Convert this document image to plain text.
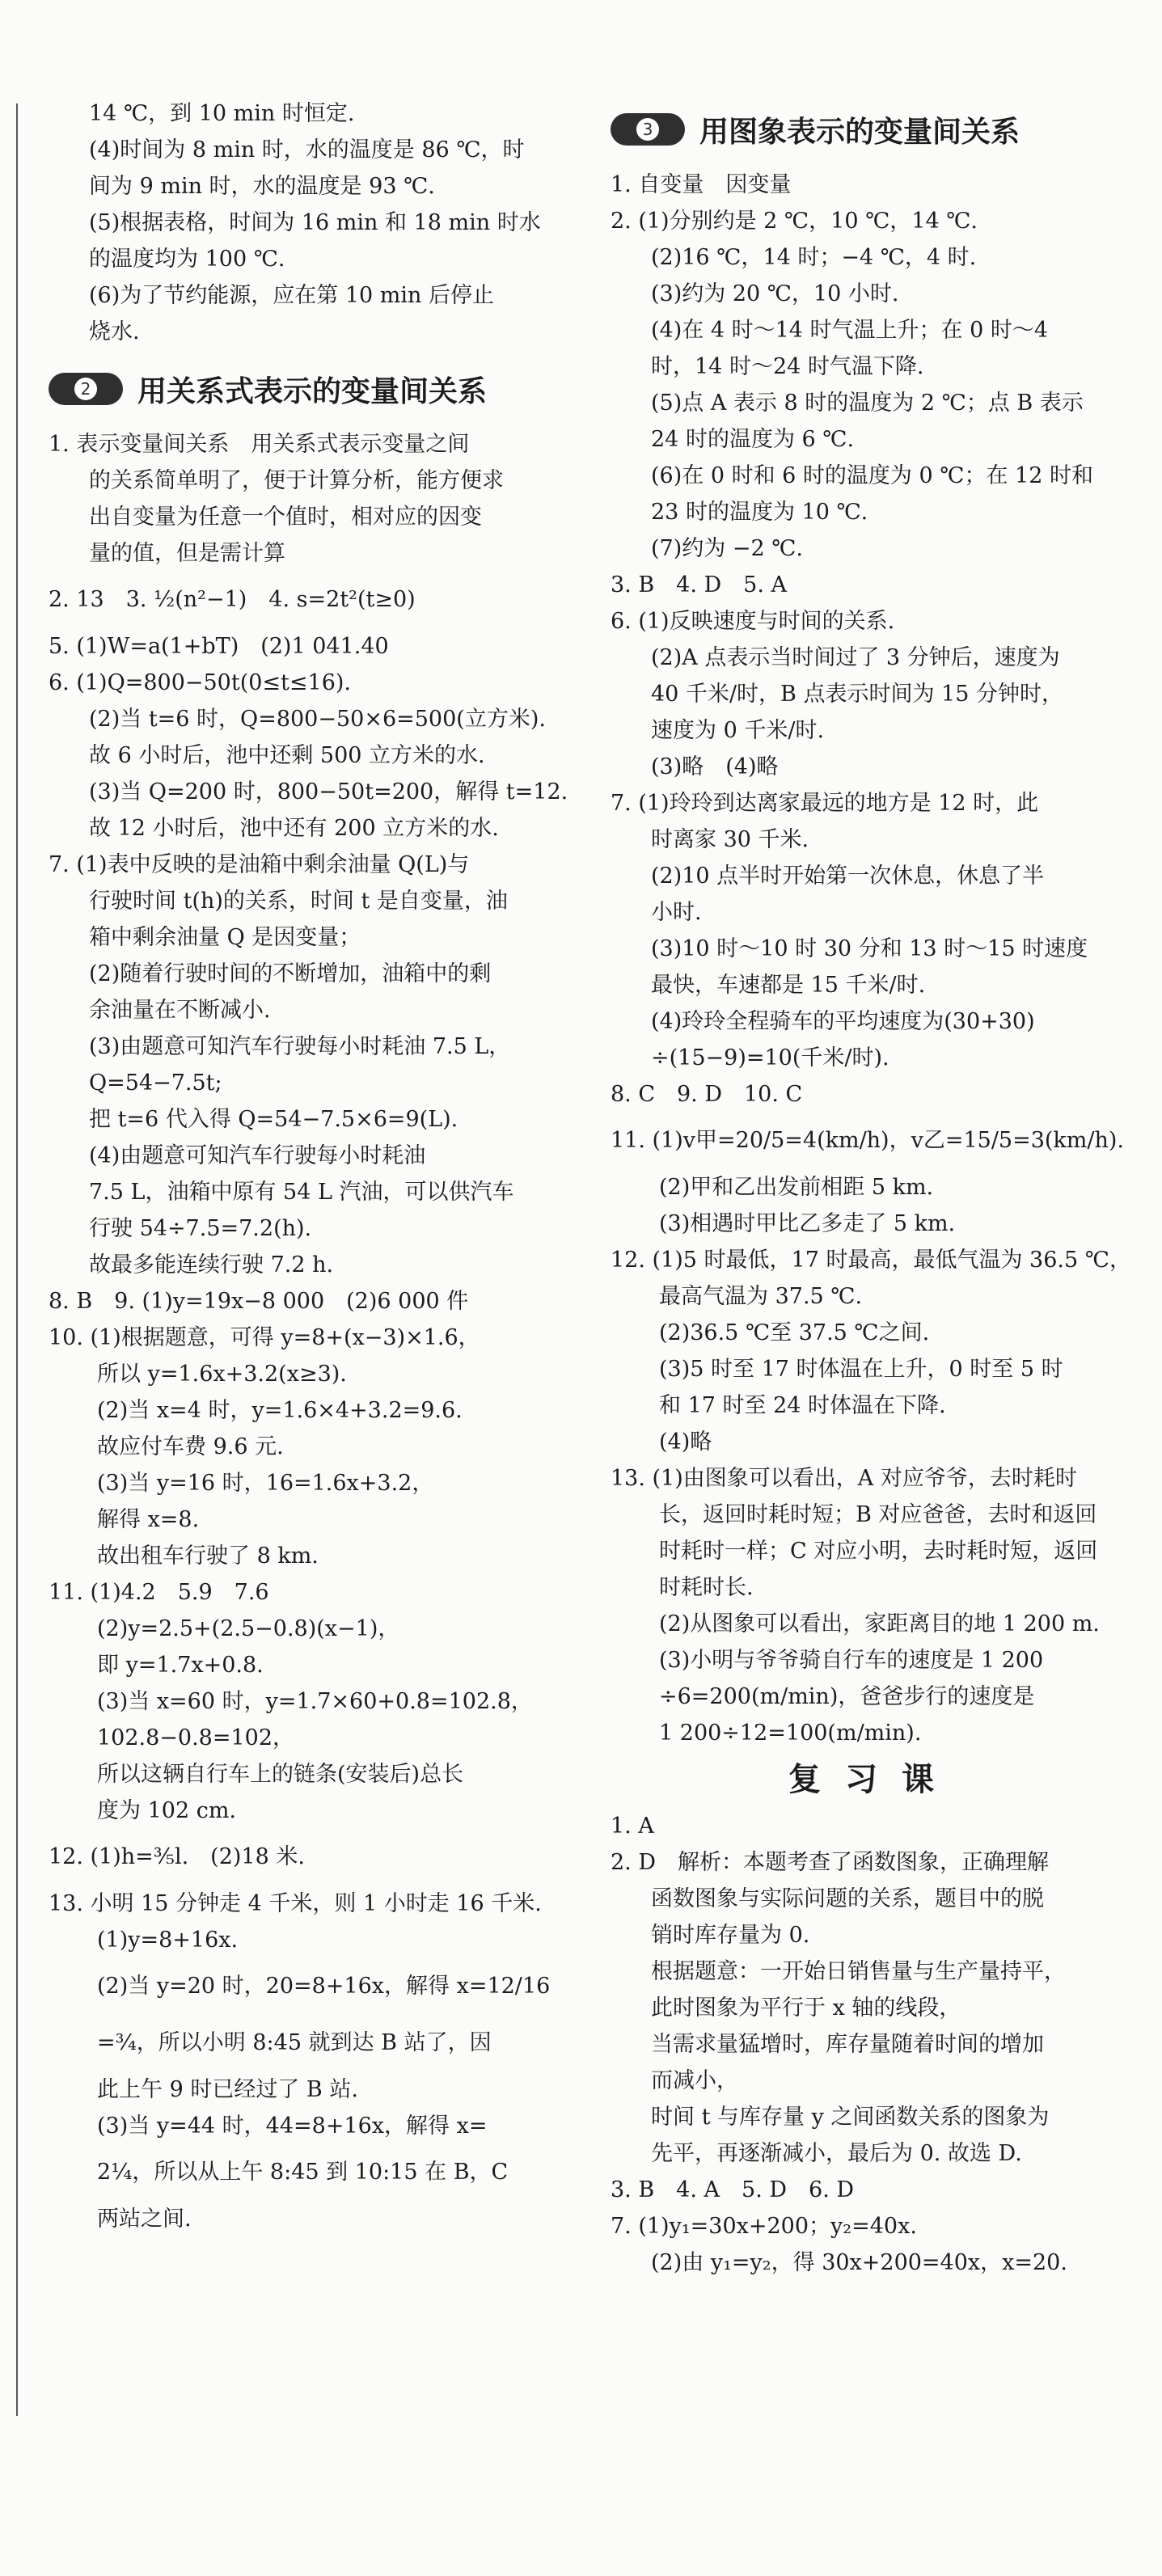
14 ℃，到 10 min 时恒定.
(4)时间为 8 min 时，水的温度是 86 ℃，时
间为 9 min 时，水的温度是 93 ℃.
(5)根据表格，时间为 16 min 和 18 min 时水
的温度均为 100 ℃.
(6)为了节约能源，应在第 10 min 后停止
烧水.
2 用关系式表示的变量间关系
1. 表示变量间关系　用关系式表示变量之间
的关系简单明了，便于计算分析，能方便求
出自变量为任意一个值时，相对应的因变
量的值，但是需计算
2. 13　3. ½(n²−1)　4. s=2t²(t≥0)
5. (1)W=a(1+bT)　(2)1 041.40
6. (1)Q=800−50t(0≤t≤16).
(2)当 t=6 时，Q=800−50×6=500(立方米).
故 6 小时后，池中还剩 500 立方米的水.
(3)当 Q=200 时，800−50t=200，解得 t=12.
故 12 小时后，池中还有 200 立方米的水.
7. (1)表中反映的是油箱中剩余油量 Q(L)与
行驶时间 t(h)的关系，时间 t 是自变量，油
箱中剩余油量 Q 是因变量；
(2)随着行驶时间的不断增加，油箱中的剩
余油量在不断减小.
(3)由题意可知汽车行驶每小时耗油 7.5 L，
Q=54−7.5t;
把 t=6 代入得 Q=54−7.5×6=9(L).
(4)由题意可知汽车行驶每小时耗油
7.5 L，油箱中原有 54 L 汽油，可以供汽车
行驶 54÷7.5=7.2(h).
故最多能连续行驶 7.2 h.
8. B　9. (1)y=19x−8 000　(2)6 000 件
10. (1)根据题意，可得 y=8+(x−3)×1.6，
所以 y=1.6x+3.2(x≥3).
(2)当 x=4 时，y=1.6×4+3.2=9.6.
故应付车费 9.6 元.
(3)当 y=16 时，16=1.6x+3.2，
解得 x=8.
故出租车行驶了 8 km.
11. (1)4.2　5.9　7.6
(2)y=2.5+(2.5−0.8)(x−1)，
即 y=1.7x+0.8.
(3)当 x=60 时，y=1.7×60+0.8=102.8，
102.8−0.8=102，
所以这辆自行车上的链条(安装后)总长
度为 102 cm.
12. (1)h=⅗l.　(2)18 米.
13. 小明 15 分钟走 4 千米，则 1 小时走 16 千米.
(1)y=8+16x.
(2)当 y=20 时，20=8+16x，解得 x=12/16
=¾，所以小明 8:45 就到达 B 站了，因
此上午 9 时已经过了 B 站.
(3)当 y=44 时，44=8+16x，解得 x=
2¼，所以从上午 8:45 到 10:15 在 B，C
两站之间.
3 用图象表示的变量间关系
1. 自变量　因变量
2. (1)分别约是 2 ℃，10 ℃，14 ℃.
(2)16 ℃，14 时；−4 ℃，4 时.
(3)约为 20 ℃，10 小时.
(4)在 4 时～14 时气温上升；在 0 时～4
时，14 时～24 时气温下降.
(5)点 A 表示 8 时的温度为 2 ℃；点 B 表示
24 时的温度为 6 ℃.
(6)在 0 时和 6 时的温度为 0 ℃；在 12 时和
23 时的温度为 10 ℃.
(7)约为 −2 ℃.
3. B　4. D　5. A
6. (1)反映速度与时间的关系.
(2)A 点表示当时间过了 3 分钟后，速度为
40 千米/时，B 点表示时间为 15 分钟时，
速度为 0 千米/时.
(3)略　(4)略
7. (1)玲玲到达离家最远的地方是 12 时，此
时离家 30 千米.
(2)10 点半时开始第一次休息，休息了半
小时.
(3)10 时～10 时 30 分和 13 时～15 时速度
最快，车速都是 15 千米/时.
(4)玲玲全程骑车的平均速度为(30+30)
÷(15−9)=10(千米/时).
8. C　9. D　10. C
11. (1)v甲=20/5=4(km/h)，v乙=15/5=3(km/h).
(2)甲和乙出发前相距 5 km.
(3)相遇时甲比乙多走了 5 km.
12. (1)5 时最低，17 时最高，最低气温为 36.5 ℃，
最高气温为 37.5 ℃.
(2)36.5 ℃至 37.5 ℃之间.
(3)5 时至 17 时体温在上升，0 时至 5 时
和 17 时至 24 时体温在下降.
(4)略
13. (1)由图象可以看出，A 对应爷爷，去时耗时
长，返回时耗时短；B 对应爸爸，去时和返回
时耗时一样；C 对应小明，去时耗时短，返回
时耗时长.
(2)从图象可以看出，家距离目的地 1 200 m.
(3)小明与爷爷骑自行车的速度是 1 200
÷6=200(m/min)，爸爸步行的速度是
1 200÷12=100(m/min).
复习课
1. A
2. D　解析：本题考查了函数图象，正确理解
函数图象与实际问题的关系，题目中的脱
销时库存量为 0.
根据题意：一开始日销售量与生产量持平，
此时图象为平行于 x 轴的线段，
当需求量猛增时，库存量随着时间的增加
而减小，
时间 t 与库存量 y 之间函数关系的图象为
先平，再逐渐减小，最后为 0. 故选 D.
3. B　4. A　5. D　6. D
7. (1)y₁=30x+200；y₂=40x.
(2)由 y₁=y₂，得 30x+200=40x，x=20.
